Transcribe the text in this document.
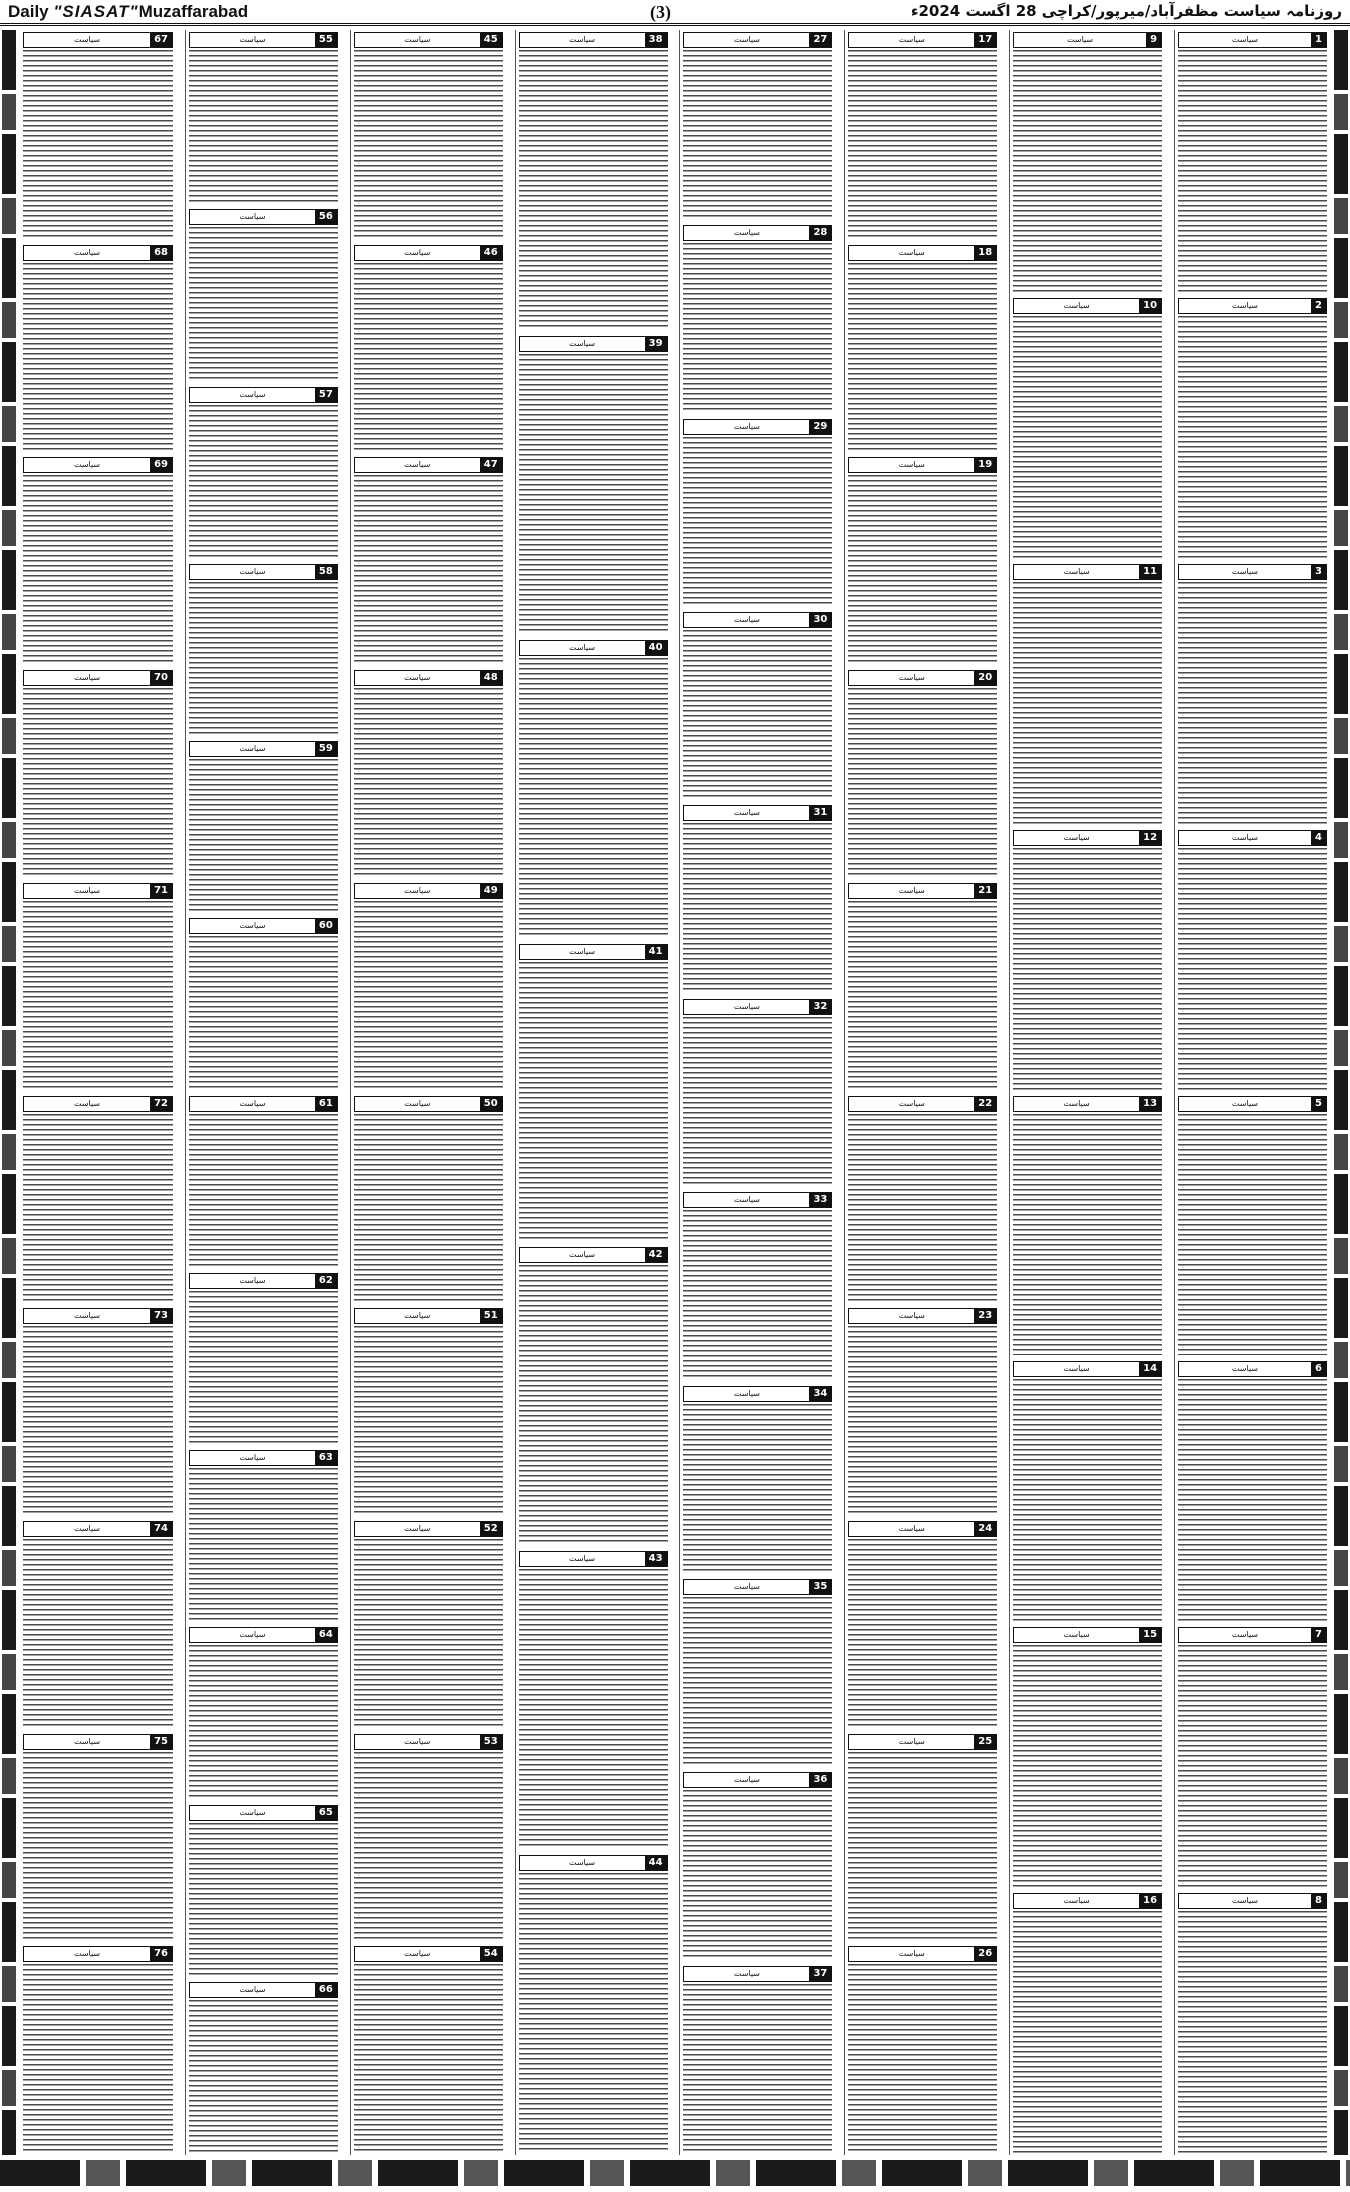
Daily "SIASAT"Muzaffarabad	(3)	روزنامہ سیاست مظفرآباد/میرپور/کراچی 28 اگست 2024ء
1
سیاست
2
سیاست
3
سیاست
4
سیاست
5
سیاست
6
سیاست
7
سیاست
8
سیاست
9
سیاست
10
سیاست
11
سیاست
12
سیاست
13
سیاست
14
سیاست
15
سیاست
16
سیاست
17
سیاست
18
سیاست
19
سیاست
20
سیاست
21
سیاست
22
سیاست
23
سیاست
24
سیاست
25
سیاست
26
سیاست
27
سیاست
28
سیاست
29
سیاست
30
سیاست
31
سیاست
32
سیاست
33
سیاست
34
سیاست
35
سیاست
36
سیاست
37
سیاست
38
سیاست
39
سیاست
40
سیاست
41
سیاست
42
سیاست
43
سیاست
44
سیاست
45
سیاست
46
سیاست
47
سیاست
48
سیاست
49
سیاست
50
سیاست
51
سیاست
52
سیاست
53
سیاست
54
سیاست
55
سیاست
56
سیاست
57
سیاست
58
سیاست
59
سیاست
60
سیاست
61
سیاست
62
سیاست
63
سیاست
64
سیاست
65
سیاست
66
سیاست
67
سیاست
68
سیاست
69
سیاست
70
سیاست
71
سیاست
72
سیاست
73
سیاست
74
سیاست
75
سیاست
76
سیاست
